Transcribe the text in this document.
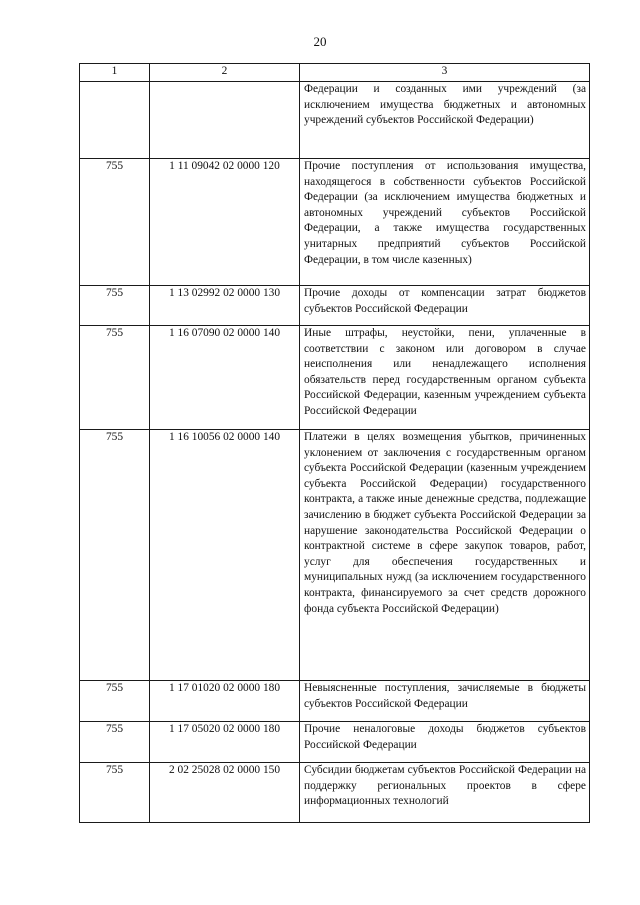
20
1	2	3
		Федерации и созданных ими учреждений (за исключением имущества бюджетных и автономных учреждений субъектов Российской Федерации)
755	1 11 09042 02 0000 120	Прочие поступления от использования имущества, находящегося в собственности субъектов Российской Федерации (за исключением имущества бюджетных и автономных учреждений субъектов Российской Федерации, а также имущества государственных унитарных предприятий субъектов Российской Федерации, в том числе казенных)
755	1 13 02992 02 0000 130	Прочие доходы от компенсации затрат бюджетов субъектов Российской Федерации
755	1 16 07090 02 0000 140	Иные штрафы, неустойки, пени, уплаченные в соответствии с законом или договором в случае неисполнения или ненадлежащего исполнения обязательств перед государственным органом субъекта Российской Федерации, казенным учреждением субъекта Российской Федерации
755	1 16 10056 02 0000 140	Платежи в целях возмещения убытков, причиненных уклонением от заключения с государственным органом субъекта Российской Федерации (казенным учреждением субъекта Российской Федерации) государственного контракта, а также иные денежные средства, подлежащие зачислению в бюджет субъекта Российской Федерации за нарушение законодательства Российской Федерации о контрактной системе в сфере закупок товаров, работ, услуг для обеспечения государственных и муниципальных нужд (за исключением государственного контракта, финансируемого за счет средств дорожного фонда субъекта Российской Федерации)
755	1 17 01020 02 0000 180	Невыясненные поступления, зачисляемые в бюджеты субъектов Российской Федерации
755	1 17 05020 02 0000 180	Прочие неналоговые доходы бюджетов субъектов Российской Федерации
755	2 02 25028 02 0000 150	Субсидии бюджетам субъектов Российской Федерации на поддержку региональных проектов в сфере информационных технологий
